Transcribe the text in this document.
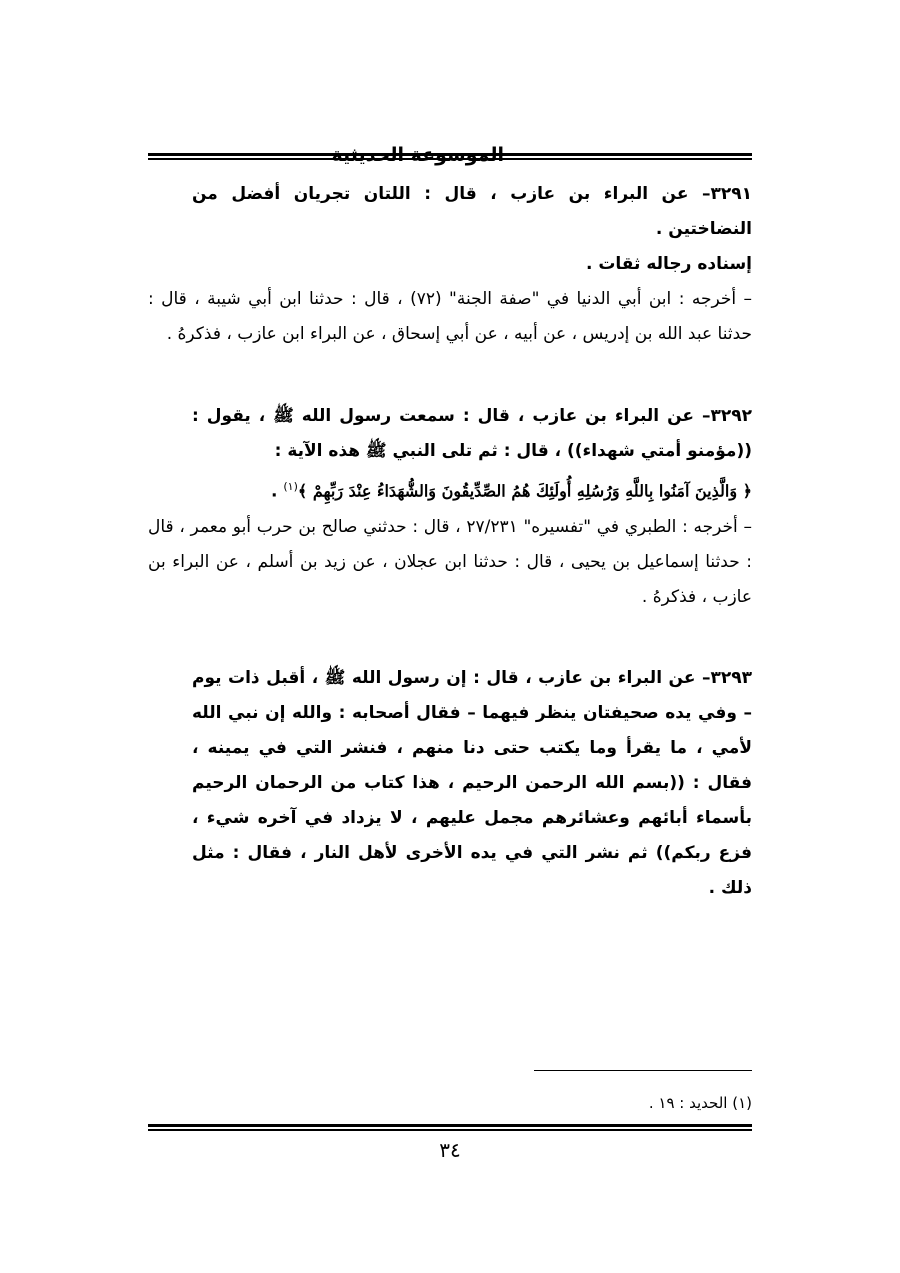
الموسوعة الحديثية

٣٢٩١– عن البراء بن عازب ، قال : اللتان تجريان أفضل من النضاختين .

إسناده رجاله ثقات .

– أخرجه : ابن أبي الدنيا في "صفة الجنة" (٧٢) ، قال : حدثنا ابن أبي شيبة ، قال : حدثنا عبد الله بن إدريس ، عن أبيه ، عن أبي إسحاق ، عن البراء ابن عازب ، فذكرهُ .

٣٢٩٢– عن البراء بن عازب ، قال : سمعت رسول الله ﷺ ، يقول : ((مؤمنو أمتي شهداء)) ، قال : ثم تلى النبي ﷺ هذه الآية :

﴿ وَالَّذِينَ آمَنُوا بِاللَّهِ وَرُسُلِهِ أُولَئِكَ هُمُ الصِّدِّيقُونَ وَالشُّهَدَاءُ عِنْدَ رَبِّهِمْ ﴾$^{(١)}$ .

– أخرجه : الطبري في "تفسيره" ٢٧/٢٣١ ، قال : حدثني صالح بن حرب أبو معمر ، قال : حدثنا إسماعيل بن يحيى ، قال : حدثنا ابن عجلان ، عن زيد بن أسلم ، عن البراء بن عازب ، فذكرهُ .

٣٢٩٣– عن البراء بن عازب ، قال : إن رسول الله ﷺ ، أقبل ذات يوم – وفي يده صحيفتان ينظر فيهما – فقال أصحابه : والله إن نبي الله لأمي ، ما يقرأ وما يكتب حتى دنا منهم ، فنشر التي في يمينه ، فقال : ((بسم الله الرحمن الرحيم ، هذا كتاب من الرحمان الرحيم بأسماء أبائهم وعشائرهم مجمل عليهم ، لا يزداد في آخره شيء ، فزع ربكم)) ثم نشر التي في يده الأخرى لأهل النار ، فقال : مثل ذلك .

(١) الحديد : ١٩ .
٣٤
